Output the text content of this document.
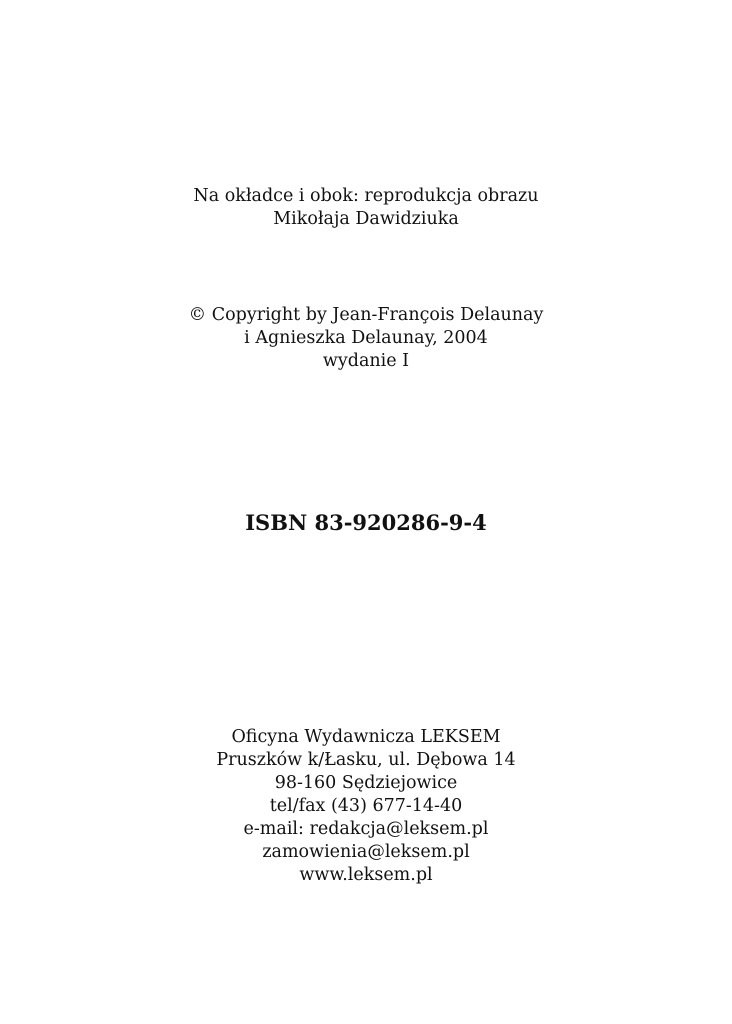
Na okładce i obok: reprodukcja obrazu
Mikołaja Dawidziuka
© Copyright by Jean-François Delaunay
i Agnieszka Delaunay, 2004
wydanie I
ISBN 83-920286-9-4
Oficyna Wydawnicza LEKSEM
Pruszków k/Łasku, ul. Dębowa 14
98-160 Sędziejowice
tel/fax (43) 677-14-40
e-mail: redakcja@leksem.pl
zamowienia@leksem.pl
www.leksem.pl
